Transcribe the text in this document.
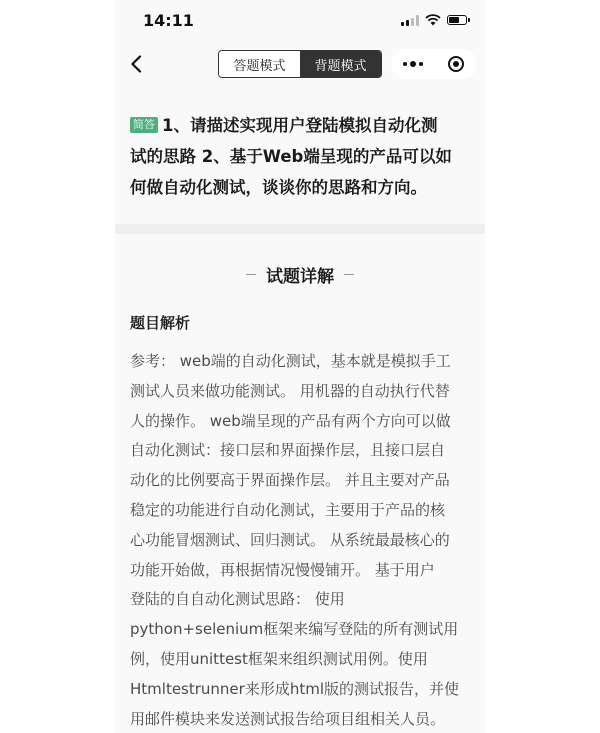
14:11
答题模式	背题模式
简答 1、请描述实现用户登陆模拟自动化测
试的思路 2、基于Web端呈现的产品可以如
何做自动化测试，谈谈你的思路和方向。
试题详解
题目解析
参考： web端的自动化测试，基本就是模拟手工
测试人员来做功能测试。 用机器的自动执行代替
人的操作。 web端呈现的产品有两个方向可以做
自动化测试：接口层和界面操作层，且接口层自
动化的比例要高于界面操作层。 并且主要对产品
稳定的功能进行自动化测试，主要用于产品的核
心功能冒烟测试、回归测试。 从系统最最核心的
功能开始做，再根据情况慢慢铺开。 基于用户
登陆的自自动化测试思路： 使用
python+selenium框架来编写登陆的所有测试用
例，使用unittest框架来组织测试用例。使用
Htmltestrunner来形成html版的测试报告，并使
用邮件模块来发送测试报告给项目组相关人员。
